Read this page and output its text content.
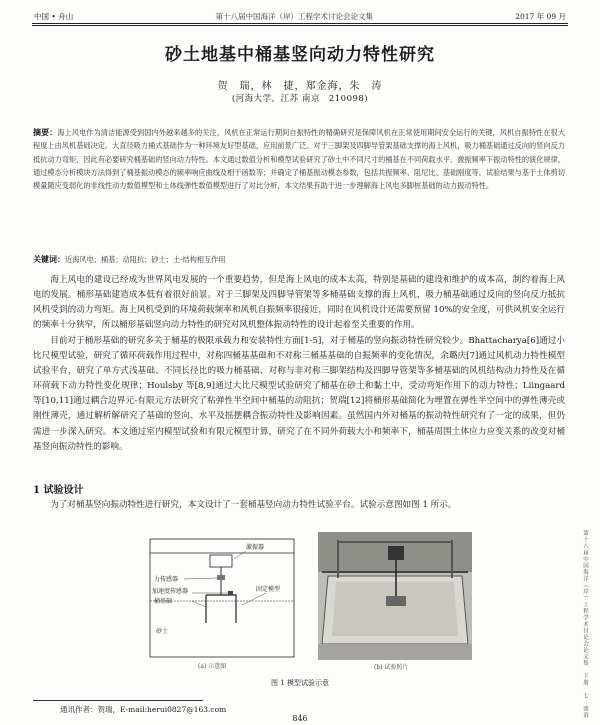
中国 • 舟山	第十八届中国海洋（岸）工程学术讨论会论文集	2017 年 09 月
砂土地基中桶基竖向动力特性研究
贺　瑞，林　捷，郑金海，朱　涛
(河海大学，江苏 南京　210098)
摘要：海上风电作为清洁能源受到国内外越来越多的关注，风机在正常运行期间自振特性的精确研究是保障风机在正常使用期间安全运行的关键，风机自振特性在很大程度上由风机基础决定。大直径吸力桶式基础作为一种环境友好型基础，应用前景广泛。对于三脚架及四脚导管架基础支撑的海上风机，吸力桶基础通过反向的竖向反力抵抗动力弯矩，因此有必要研究桶基础的竖向动力特性。本文通过数值分析和模型试验研究了砂土中不同尺寸的桶基在不同荷载水平、激振频率下振动特性的演化规律。通过模态分析模块方法得到了桶基振动模态的频率响应曲线及相干函数等；并确定了桶基振动模态参数，包括共振频率、阻尼比、基础刚度等。试验结果与基于土体剪切模量随应变弱化的非线性动力数值模型和土体线弹性数值模型进行了对比分析，本文结果有助于进一步理解海上风电多脚桩基础的动力振动特性。
关键词：近海风电；桶基；动阻抗；砂土；土-结构相互作用
海上风电的建设已经成为世界风电发展的一个重要趋势，但是海上风电的成本太高，特别是基础的建设和维护的成本高，制约着海上风电的发展。桶形基础建造成本低有着很好前景。对于三脚架及四脚导管架等多桶基础支撑的海上风机，吸力桶基础通过反向的竖向反力抵抗风机受到的动力弯矩。海上风机受到的环境荷载频率和风机自振频率很接近，同时在风机设计还需要预留 10%的安全度，可供风机安全运行的频率十分狭窄，所以桶形基础竖向动力特性的研究对风机整体振动特性的设计起着至关重要的作用。
目前对于桶形基础的研究多关于桶基的极限承载力和安装特性方面[1-5]，对于桶基的竖向振动特性研究较少。Bhattacharya[6]通过小比尺模型试验，研究了循环荷载作用过程中，对称四桶基基础和不对称三桶基基础的自振频率的变化情况，余璐庆[7]通过风机动力特性模型试验平台，研究了单方式浅基础、不同长径比的吸力桶基础、对称与非对称三脚架结构及四脚导管架等多桶基础的风机结构动力特性及在循环荷载下动力特性变化规律；Houlsby 等[8,9]通过大比尺模型试验研究了桶基在砂土和黏土中，受动弯矩作用下的动力特性；Liingaard 等[10,11]通过耦合边界元-有限元方法研究了粘弹性半空间中桶基的动阻抗；贺瑞[12]将桶形基础简化为埋置在弹性半空间中的弹性薄壳或刚性薄壳，通过解析解研究了基础的竖向、水平及摇摆耦合振动特性及影响因素。虽然国内外对桶基的振动特性研究有了一定的成果，但仍需进一步深入研究。本文通过室内模型试验和有限元模型计算，研究了在不同外荷载大小和频率下，桶基周围土体应力应变关系的改变对桶基竖向振动特性的影响。
1 试验设计
为了对桶基竖向振动特性进行研究，本文设计了一套桶基竖向动力特性试验平台。试验示意图如图 1 所示。
激振器
力传感器
加速度传感器
桶基础
固定模型
砂土
(a) 示意图	(b) 试验照片
图 1 模型试验示意
通讯作者：贺瑞，E-mail:herui0827@163.com
846	第十八届中国海洋（岸）工程学术讨论会论文集　下册　七　波浪
